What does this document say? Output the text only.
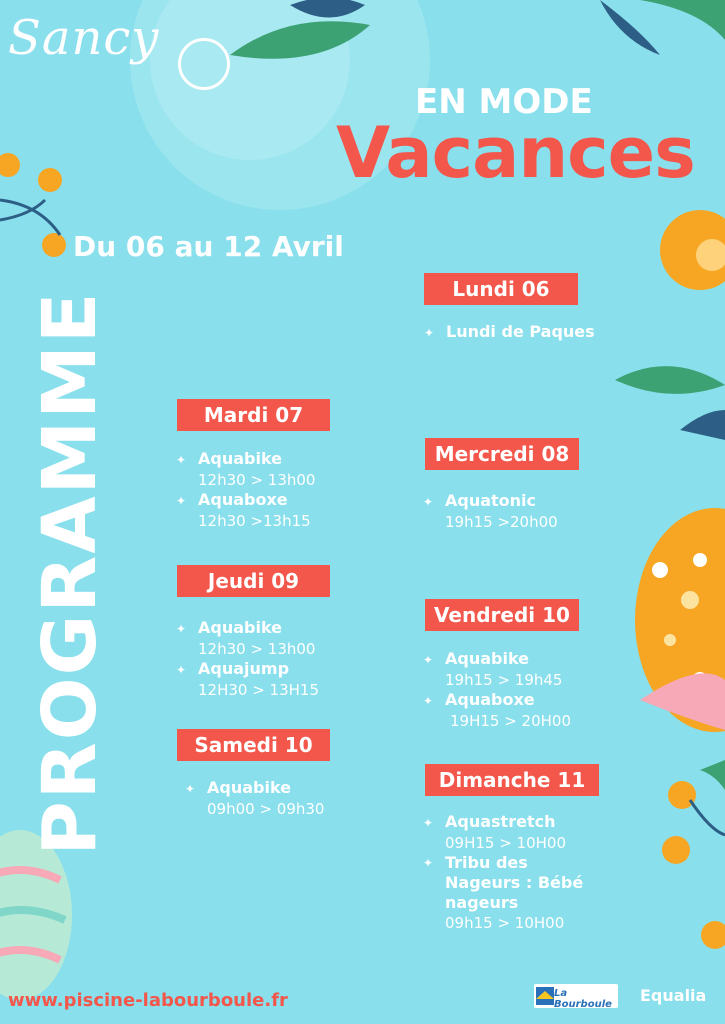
Sancy
EN MODE
Vacances
Du 06 au 12 Avril
PROGRAMME
Lundi 06
✦ Lundi de Paques
Mardi 07
✦ Aquabike
12h30 > 13h00
✦ Aquaboxe
12h30 >13h15
Mercredi 08
✦ Aquatonic
19h15 >20h00
Jeudi 09
✦ Aquabike
12h30 > 13h00
✦ Aquajump
12H30 > 13H15
Vendredi 10
✦ Aquabike
19h15 > 19h45
✦ Aquaboxe
19H15 > 20H00
Samedi 10
✦ Aquabike
09h00 > 09h30
Dimanche 11
✦ Aquastretch
09H15 > 10H00
✦ Tribu des Nageurs : Bébé nageurs
09h15 > 10H00
www.piscine-labourboule.fr	La Bourboule	Equalia
